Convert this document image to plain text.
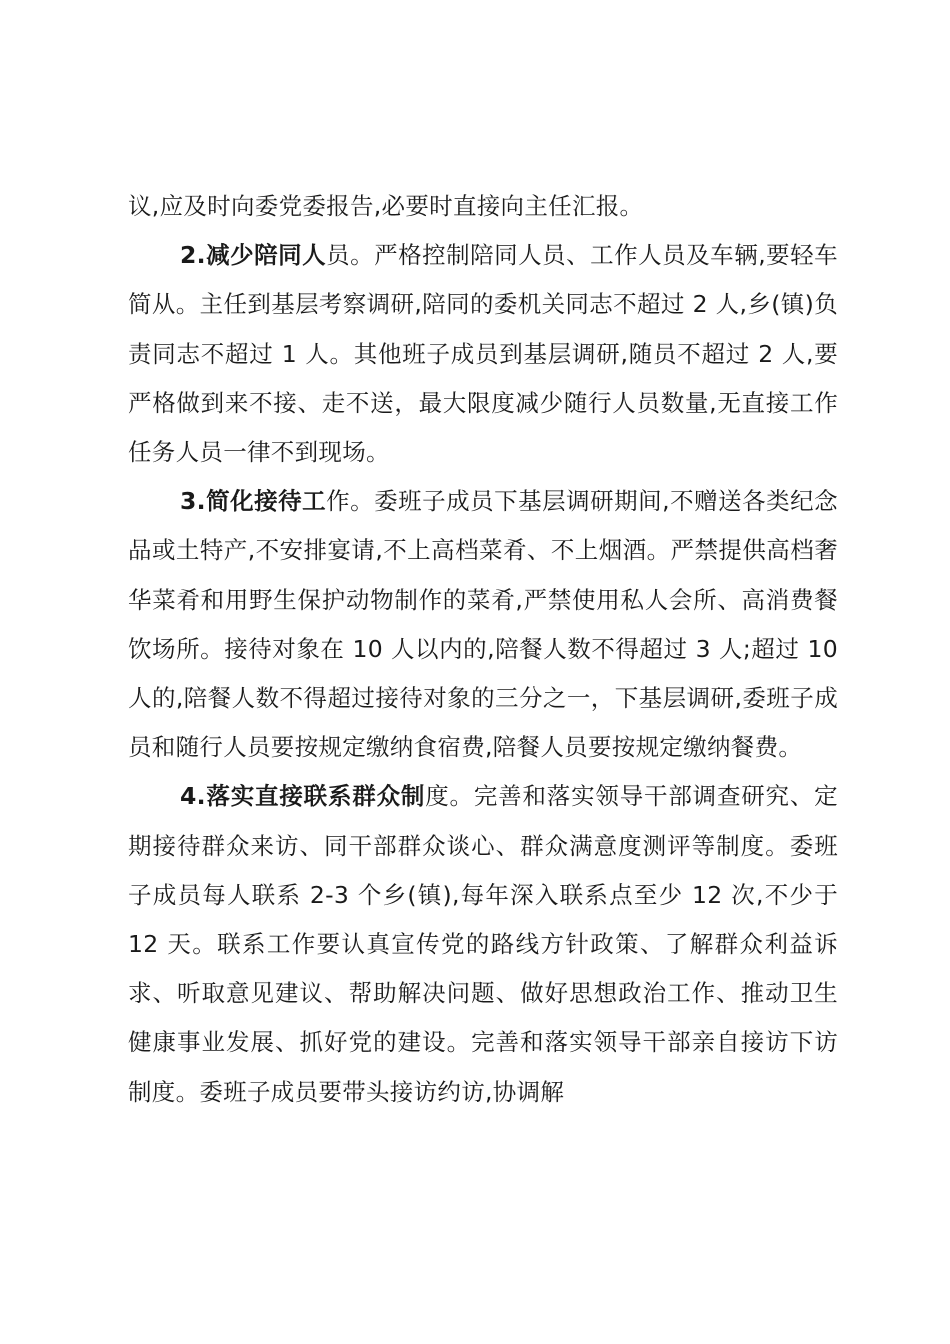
议,应及时向委党委报告,必要时直接向主任汇报。

2.减少陪同人员。严格控制陪同人员、工作人员及车辆,要轻车简从。主任到基层考察调研,陪同的委机关同志不超过 2 人,乡(镇)负责同志不超过 1 人。其他班子成员到基层调研,随员不超过 2 人,要严格做到来不接、走不送，最大限度减少随行人员数量,无直接工作任务人员一律不到现场。

3.简化接待工作。委班子成员下基层调研期间,不赠送各类纪念品或土特产,不安排宴请,不上高档菜肴、不上烟酒。严禁提供高档奢华菜肴和用野生保护动物制作的菜肴,严禁使用私人会所、高消费餐饮场所。接待对象在 10 人以内的,陪餐人数不得超过 3 人;超过 10 人的,陪餐人数不得超过接待对象的三分之一，下基层调研,委班子成员和随行人员要按规定缴纳食宿费,陪餐人员要按规定缴纳餐费。

4.落实直接联系群众制度。完善和落实领导干部调查研究、定期接待群众来访、同干部群众谈心、群众满意度测评等制度。委班子成员每人联系 2-3 个乡(镇),每年深入联系点至少 12 次,不少于 12 天。联系工作要认真宣传党的路线方针政策、了解群众利益诉求、听取意见建议、帮助解决问题、做好思想政治工作、推动卫生健康事业发展、抓好党的建设。完善和落实领导干部亲自接访下访制度。委班子成员要带头接访约访,协调解
